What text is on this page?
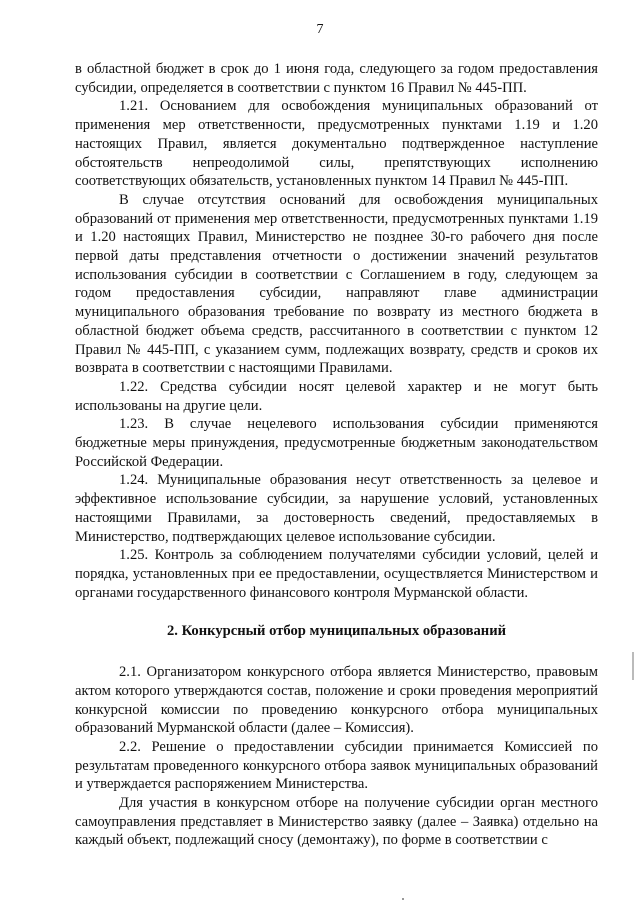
7

в областной бюджет в срок до 1 июня года, следующего за годом предоставления субсидии, определяется в соответствии с пунктом 16 Правил № 445-ПП.

1.21. Основанием для освобождения муниципальных образований от применения мер ответственности, предусмотренных пунктами 1.19 и 1.20 настоящих Правил, является документально подтвержденное наступление обстоятельств непреодолимой силы, препятствующих исполнению соответствующих обязательств, установленных пунктом 14 Правил № 445-ПП.

В случае отсутствия оснований для освобождения муниципальных образований от применения мер ответственности, предусмотренных пунктами 1.19 и 1.20 настоящих Правил, Министерство не позднее 30-го рабочего дня после первой даты представления отчетности о достижении значений результатов использования субсидии в соответствии с Соглашением в году, следующем за годом предоставления субсидии, направляют главе администрации муниципального образования требование по возврату из местного бюджета в областной бюджет объема средств, рассчитанного в соответствии с пунктом 12 Правил № 445-ПП, с указанием сумм, подлежащих возврату, средств и сроков их возврата в соответствии с настоящими Правилами.

1.22. Средства субсидии носят целевой характер и не могут быть использованы на другие цели.

1.23. В случае нецелевого использования субсидии применяются бюджетные меры принуждения, предусмотренные бюджетным законодательством Российской Федерации.

1.24. Муниципальные образования несут ответственность за целевое и эффективное использование субсидии, за нарушение условий, установленных настоящими Правилами, за достоверность сведений, предоставляемых в Министерство, подтверждающих целевое использование субсидии.

1.25. Контроль за соблюдением получателями субсидии условий, целей и порядка, установленных при ее предоставлении, осуществляется Министерством и органами государственного финансового контроля Мурманской области.

2. Конкурсный отбор муниципальных образований

2.1. Организатором конкурсного отбора является Министерство, правовым актом которого утверждаются состав, положение и сроки проведения мероприятий конкурсной комиссии по проведению конкурсного отбора муниципальных образований Мурманской области (далее – Комиссия).

2.2. Решение о предоставлении субсидии принимается Комиссией по результатам проведенного конкурсного отбора заявок муниципальных образований и утверждается распоряжением Министерства.

Для участия в конкурсном отборе на получение субсидии орган местного самоуправления представляет в Министерство заявку (далее – Заявка) отдельно на каждый объект, подлежащий сносу (демонтажу), по форме в соответствии с
